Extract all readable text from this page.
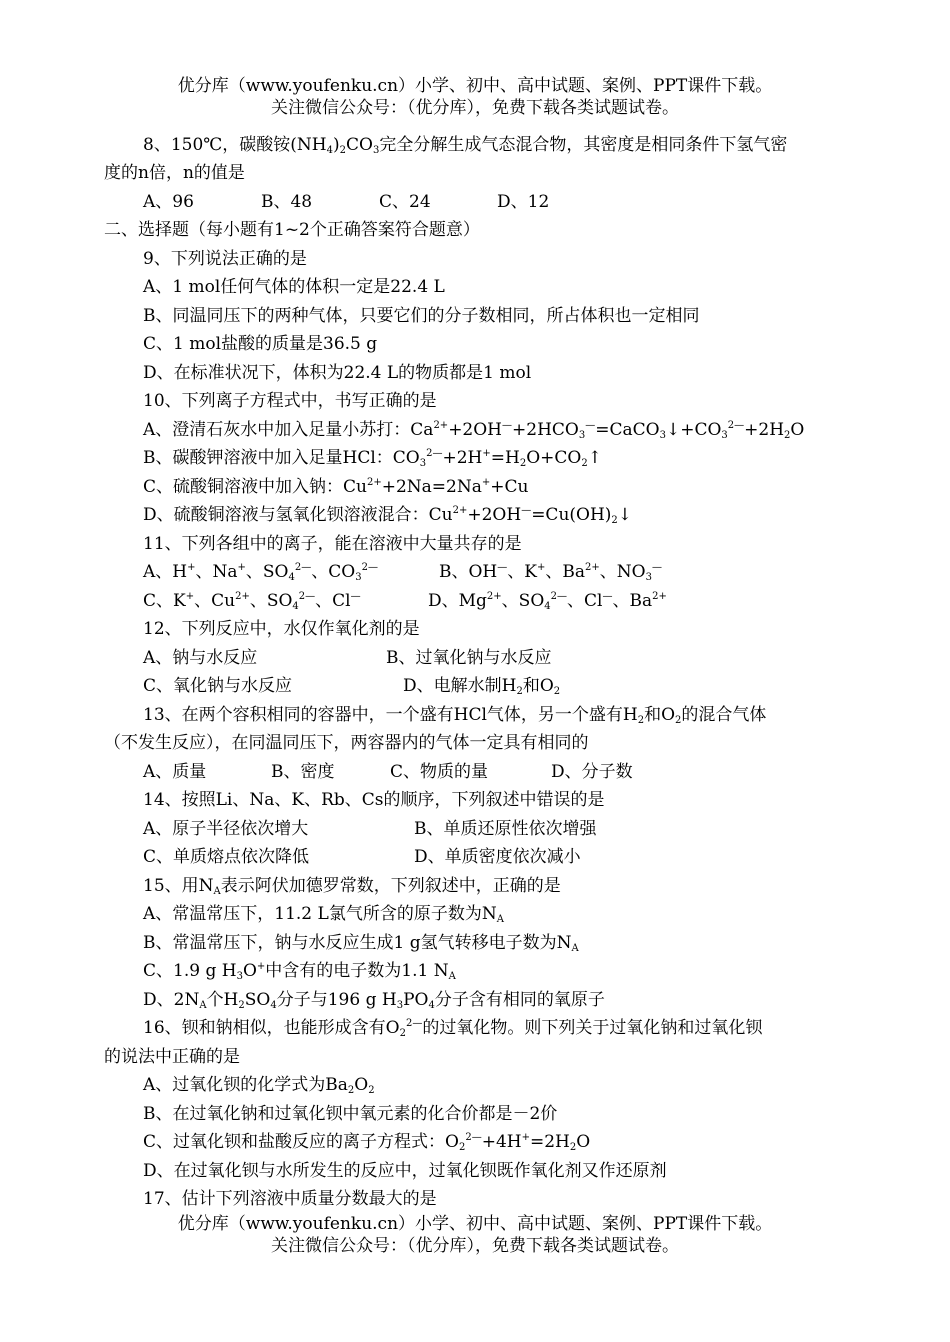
优分库（www.youfenku.cn）小学、初中、高中试题、案例、PPT课件下载。
关注微信公众号：（优分库），免费下载各类试题试卷。
8、150℃，碳酸铵$(NH_4)_2CO_3$完全分解生成气态混合物，其密度是相同条件下氢气密
度的n倍，n的值是
A、96	B、48	C、24	D、12
二、选择题（每小题有1~2个正确答案符合题意）
9、下列说法正确的是
A、1 mol任何气体的体积一定是22.4 L
B、同温同压下的两种气体，只要它们的分子数相同，所占体积也一定相同
C、1 mol盐酸的质量是36.5 g
D、在标准状况下，体积为22.4 L的物质都是1 mol
10、下列离子方程式中，书写正确的是
A、澄清石灰水中加入足量小苏打：$Ca^{2+}+2OH^—+2HCO_3^—=CaCO_3↓+CO_3^{2—}+2H_2O$
B、碳酸钾溶液中加入足量HCl：$CO_3^{2—}+2H^+=H_2O+CO_2↑$
C、硫酸铜溶液中加入钠：$Cu^{2+}+2Na=2Na^++Cu$
D、硫酸铜溶液与氢氧化钡溶液混合：$Cu^{2+}+2OH^—=Cu(OH)_2↓$
11、下列各组中的离子，能在溶液中大量共存的是
A、H+、Na+、$SO_4^{2—}$、$CO_3^{2—}$	B、OH—、K+、$Ba^{2+}$、$NO_3^—$
C、K+、$Cu^{2+}$、$SO_4^{2—}$、Cl—	D、$Mg^{2+}$、$SO_4^{2—}$、Cl—、$Ba^{2+}$
12、下列反应中，水仅作氧化剂的是
A、钠与水反应	B、过氧化钠与水反应
C、氧化钠与水反应	D、电解水制$H_2$和$O_2$
13、在两个容积相同的容器中，一个盛有HCl气体，另一个盛有$H_2$和$O_2$的混合气体
（不发生反应），在同温同压下，两容器内的气体一定具有相同的
A、质量	B、密度	C、物质的量	D、分子数
14、按照Li、Na、K、Rb、Cs的顺序，下列叙述中错误的是
A、原子半径依次增大	B、单质还原性依次增强
C、单质熔点依次降低	D、单质密度依次减小
15、用$N_A$表示阿伏加德罗常数，下列叙述中，正确的是
A、常温常压下，11.2 L氯气所含的原子数为$N_A$
B、常温常压下，钠与水反应生成1 g氢气转移电子数为$N_A$
C、1.9 g $H_3O^+$中含有的电子数为1.1 $N_A$
D、$2N_A$个$H_2SO_4$分子与196 g $H_3PO_4$分子含有相同的氧原子
16、钡和钠相似，也能形成含有$O_2^{2—}$的过氧化物。则下列关于过氧化钠和过氧化钡
的说法中正确的是
A、过氧化钡的化学式为$Ba_2O_2$
B、在过氧化钠和过氧化钡中氧元素的化合价都是－2价
C、过氧化钡和盐酸反应的离子方程式：$O_2^{2—}+4H^+=2H_2O$
D、在过氧化钡与水所发生的反应中，过氧化钡既作氧化剂又作还原剂
17、估计下列溶液中质量分数最大的是
优分库（www.youfenku.cn）小学、初中、高中试题、案例、PPT课件下载。
关注微信公众号：（优分库），免费下载各类试题试卷。
